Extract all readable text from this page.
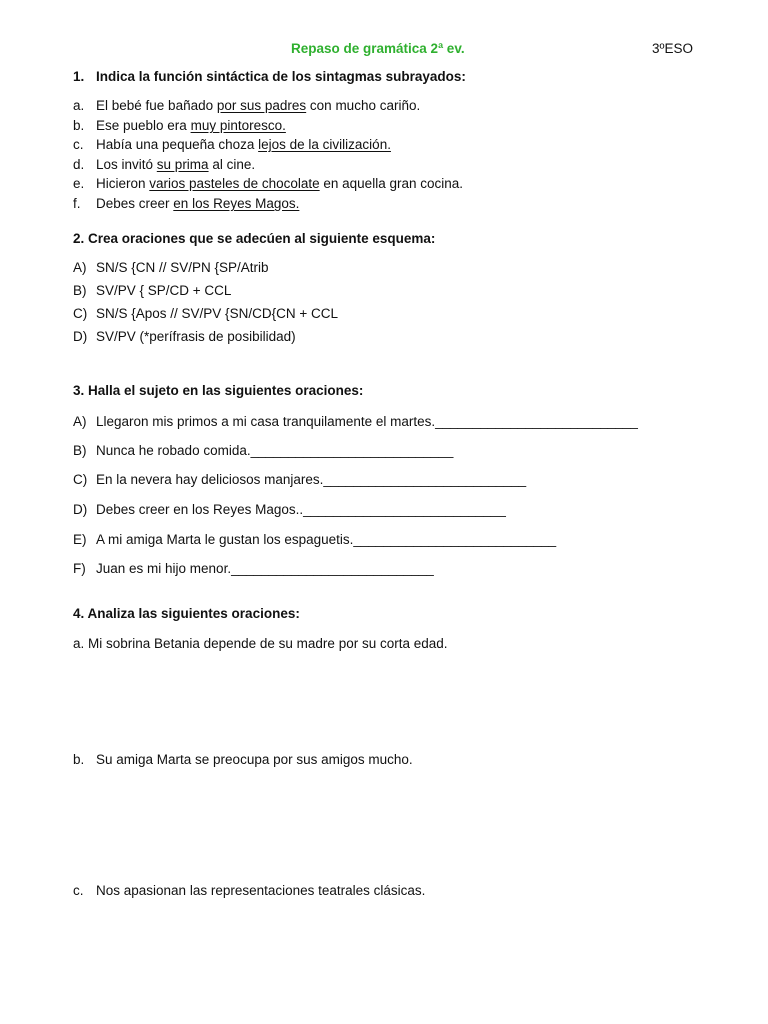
Repaso de gramática 2ª ev.	3ºESO
1. Indica la función sintáctica de los sintagmas subrayados:
a. El bebé fue bañado por sus padres con mucho cariño.
b. Ese pueblo era muy pintoresco.
c. Había una pequeña choza lejos de la civilización.
d. Los invitó su prima al cine.
e. Hicieron varios pasteles de chocolate en aquella gran cocina.
f. Debes creer en los Reyes Magos.
2. Crea oraciones que se adecúen al siguiente esquema:
A) SN/S {CN // SV/PN {SP/Atrib
B) SV/PV { SP/CD + CCL
C) SN/S {Apos // SV/PV {SN/CD{CN + CCL
D) SV/PV (*perífrasis de posibilidad)
3. Halla el sujeto en las siguientes oraciones:
A) Llegaron mis primos a mi casa tranquilamente el martes.___________________________
B) Nunca he robado comida.___________________________
C) En la nevera hay deliciosos manjares.___________________________
D) Debes creer en los Reyes Magos..___________________________
E) A mi amiga Marta le gustan los espaguetis.___________________________
F) Juan es mi hijo menor.___________________________
4. Analiza las siguientes oraciones:
a. Mi sobrina Betania depende de su madre por su corta edad.
b. Su amiga Marta se preocupa por sus amigos mucho.
c. Nos apasionan las representaciones teatrales clásicas.
